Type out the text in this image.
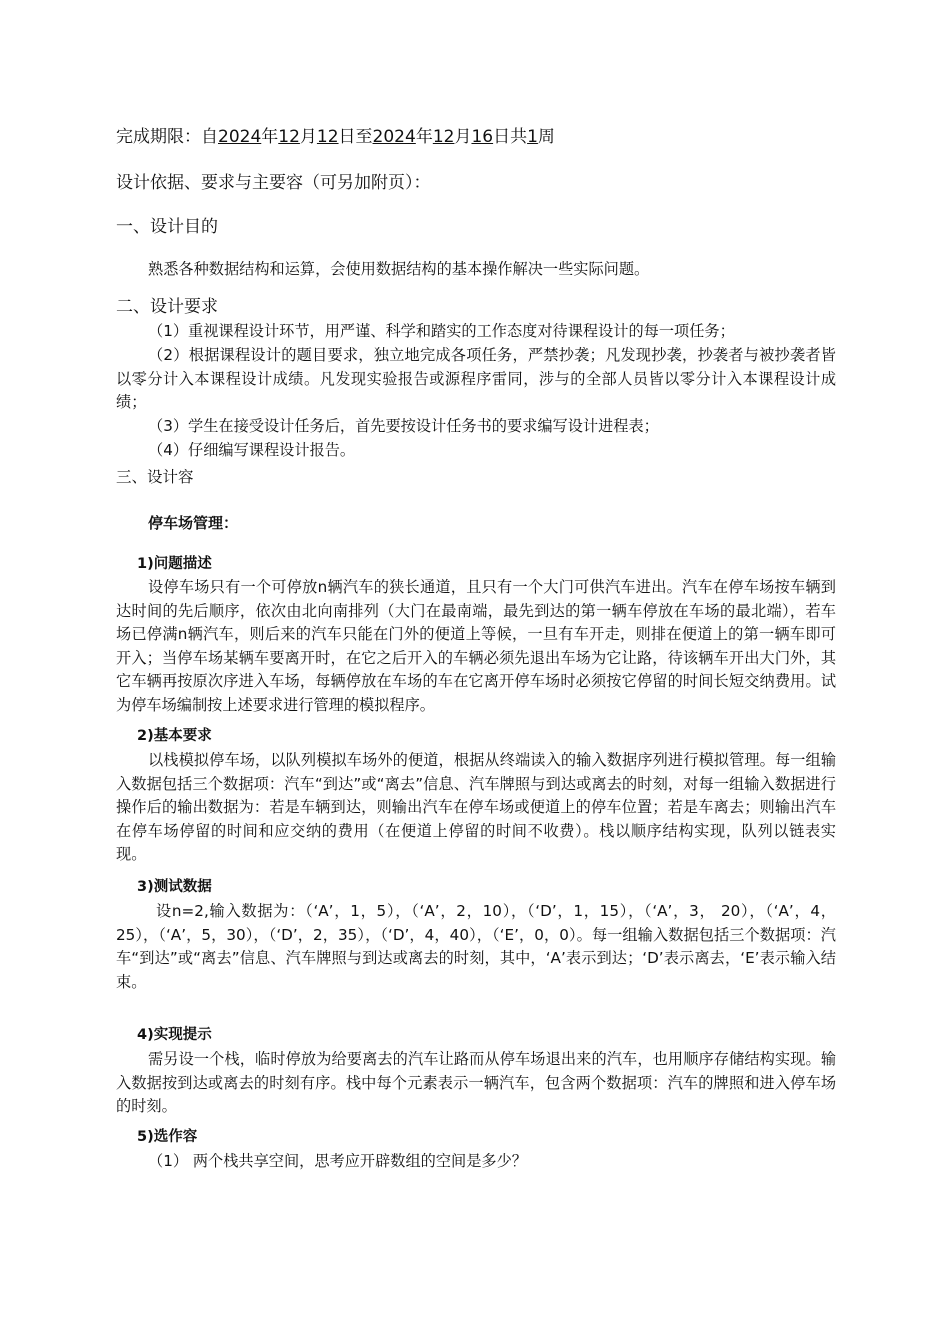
完成期限：自2024年12月12日至2024年12月16日共1周
设计依据、要求与主要容（可另加附页）：
一、设计目的
熟悉各种数据结构和运算，会使用数据结构的基本操作解决一些实际问题。
二、设计要求
（1）重视课程设计环节，用严谨、科学和踏实的工作态度对待课程设计的每一项任务；
（2）根据课程设计的题目要求，独立地完成各项任务，严禁抄袭；凡发现抄袭，抄袭者与被抄袭者皆以零分计入本课程设计成绩。凡发现实验报告或源程序雷同，涉与的全部人员皆以零分计入本课程设计成绩；
（3）学生在接受设计任务后，首先要按设计任务书的要求编写设计进程表；
（4）仔细编写课程设计报告。
三、设计容
停车场管理：
1)问题描述
设停车场只有一个可停放n辆汽车的狭长通道，且只有一个大门可供汽车进出。汽车在停车场按车辆到达时间的先后顺序，依次由北向南排列（大门在最南端，最先到达的第一辆车停放在车场的最北端），若车场已停满n辆汽车，则后来的汽车只能在门外的便道上等候，一旦有车开走，则排在便道上的第一辆车即可开入；当停车场某辆车要离开时，在它之后开入的车辆必须先退出车场为它让路，待该辆车开出大门外，其它车辆再按原次序进入车场，每辆停放在车场的车在它离开停车场时必须按它停留的时间长短交纳费用。试为停车场编制按上述要求进行管理的模拟程序。
2)基本要求
以栈模拟停车场，以队列模拟车场外的便道，根据从终端读入的输入数据序列进行模拟管理。每一组输入数据包括三个数据项：汽车“到达”或“离去”信息、汽车牌照与到达或离去的时刻，对每一组输入数据进行操作后的输出数据为：若是车辆到达，则输出汽车在停车场或便道上的停车位置；若是车离去；则输出汽车在停车场停留的时间和应交纳的费用（在便道上停留的时间不收费）。栈以顺序结构实现，队列以链表实现。
3)测试数据
设n=2,输入数据为：（‘A’，1，5），（‘A’，2，10），（‘D’，1，15），（‘A’，3， 20），（‘A’，4，25），（‘A’，5，30），（‘D’，2，35），（‘D’，4，40），（‘E’，0，0）。每一组输入数据包括三个数据项：汽车“到达”或“离去”信息、汽车牌照与到达或离去的时刻，其中，‘A’表示到达；‘D’表示离去，‘E’表示输入结束。
4)实现提示
需另设一个栈，临时停放为给要离去的汽车让路而从停车场退出来的汽车，也用顺序存储结构实现。输入数据按到达或离去的时刻有序。栈中每个元素表示一辆汽车，包含两个数据项：汽车的牌照和进入停车场的时刻。
5)选作容
（1） 两个栈共享空间，思考应开辟数组的空间是多少？
